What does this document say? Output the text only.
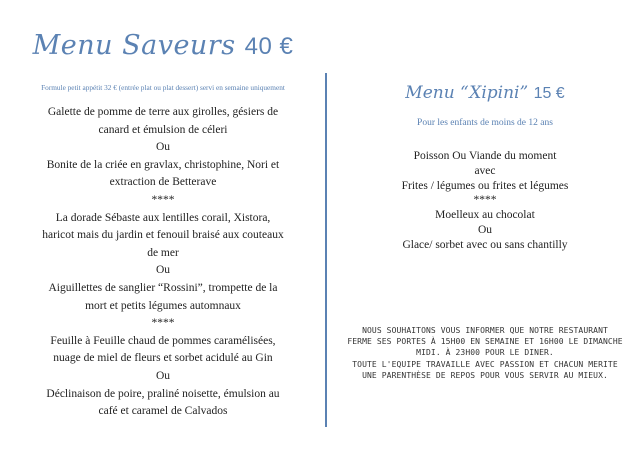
Menu Saveurs 40 €
Formule petit appétit 32 € (entrée plat ou plat dessert) servi en semaine uniquement
Galette de pomme de terre aux girolles, gésiers de
canard et émulsion de céleri
Ou
Bonite de la criée en gravlax, christophine, Nori et
extraction de Betterave
****
La dorade Sébaste aux lentilles corail, Xistora,
haricot mais du jardin et fenouil braisé aux couteaux
de mer
Ou
Aiguillettes de sanglier “Rossini”, trompette de la
mort et petits légumes automnaux
****
Feuille à Feuille chaud de pommes caramélisées,
nuage de miel de fleurs et sorbet acidulé au Gin
Ou
Déclinaison de poire, praliné noisette, émulsion au
café et caramel de Calvados
Menu “Xipini” 15 €
Pour les enfants de moins de 12 ans
Poisson Ou Viande du moment
avec
Frites / légumes ou frites et légumes
****
Moelleux au chocolat
Ou
Glace/ sorbet avec ou sans chantilly
NOUS SOUHAITONS VOUS INFORMER QUE NOTRE RESTAURANT
FERME SES PORTES À 15H00 EN SEMAINE ET 16H00 LE DIMANCHE
MIDI. À 23H00 POUR LE DINER.
TOUTE L'EQUIPE TRAVAILLE AVEC PASSION ET CHACUN MERITE
UNE PARENTHÈSE DE REPOS POUR VOUS SERVIR AU MIEUX.
